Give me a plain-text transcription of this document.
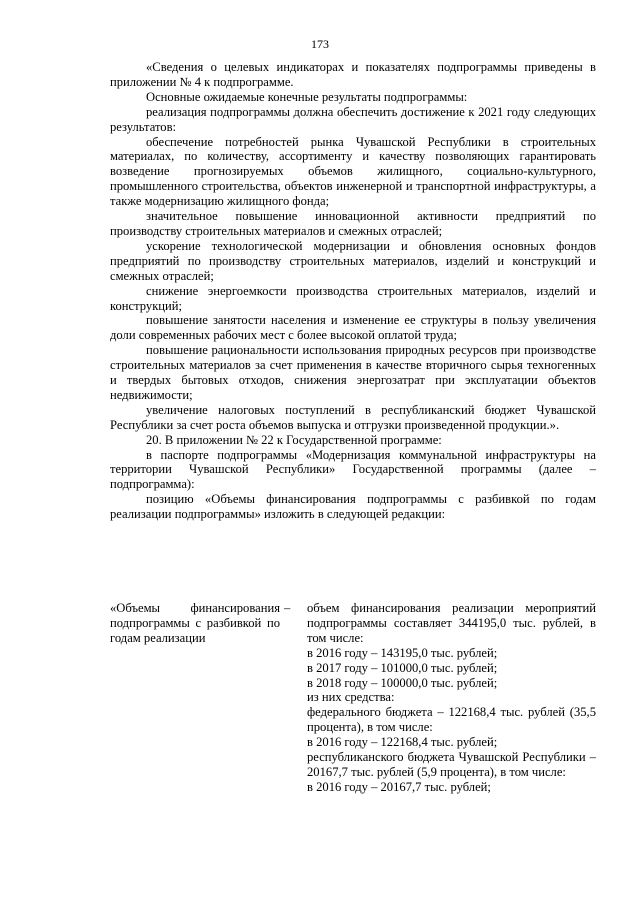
173

«Сведения о целевых индикаторах и показателях подпрограммы приведены в приложении № 4 к подпрограмме.

Основные ожидаемые конечные результаты подпрограммы:

реализация подпрограммы должна обеспечить достижение к 2021 году следующих результатов:

обеспечение потребностей рынка Чувашской Республики в строительных материалах, по количеству, ассортименту и качеству позволяющих гарантировать возведение прогнозируемых объемов жилищного, социально-культурного, промышленного строительства, объектов инженерной и транспортной инфраструктуры, а также модернизацию жилищного фонда;

значительное повышение инновационной активности предприятий по производству строительных материалов и смежных отраслей;

ускорение технологической модернизации и обновления основных фондов предприятий по производству строительных материалов, изделий и конструкций и смежных отраслей;

снижение энергоемкости производства строительных материалов, изделий и конструкций;

повышение занятости населения и изменение ее структуры в пользу увеличения доли современных рабочих мест с более высокой оплатой труда;

повышение рациональности использования природных ресурсов при производстве строительных материалов за счет применения в качестве вторичного сырья техногенных и твердых бытовых отходов, снижения энергозатрат при эксплуатации объектов недвижимости;

увеличение налоговых поступлений в республиканский бюджет Чувашской Республики за счет роста объемов выпуска и отгрузки произведенной продукции.».

20. В приложении № 22 к Государственной программе:

в паспорте подпрограммы «Модернизация коммунальной инфраструктуры на территории Чувашской Республики» Государственной программы (далее – подпрограмма):

позицию «Объемы финансирования подпрограммы с разбивкой по годам реализации подпрограммы» изложить в следующей редакции:

«Объемы финансирования подпрограммы с разбивкой по годам реализации
– объем финансирования реализации мероприятий подпрограммы составляет 344195,0 тыс. рублей, в том числе:

в 2016 году – 143195,0 тыс. рублей;

в 2017 году – 101000,0 тыс. рублей;

в 2018 году – 100000,0 тыс. рублей;

из них средства:

федерального бюджета – 122168,4 тыс. рублей (35,5 процента), в том числе:

в 2016 году – 122168,4 тыс. рублей;

республиканского бюджета Чувашской Республики – 20167,7 тыс. рублей (5,9 процента), в том числе:

в 2016 году – 20167,7 тыс. рублей;
